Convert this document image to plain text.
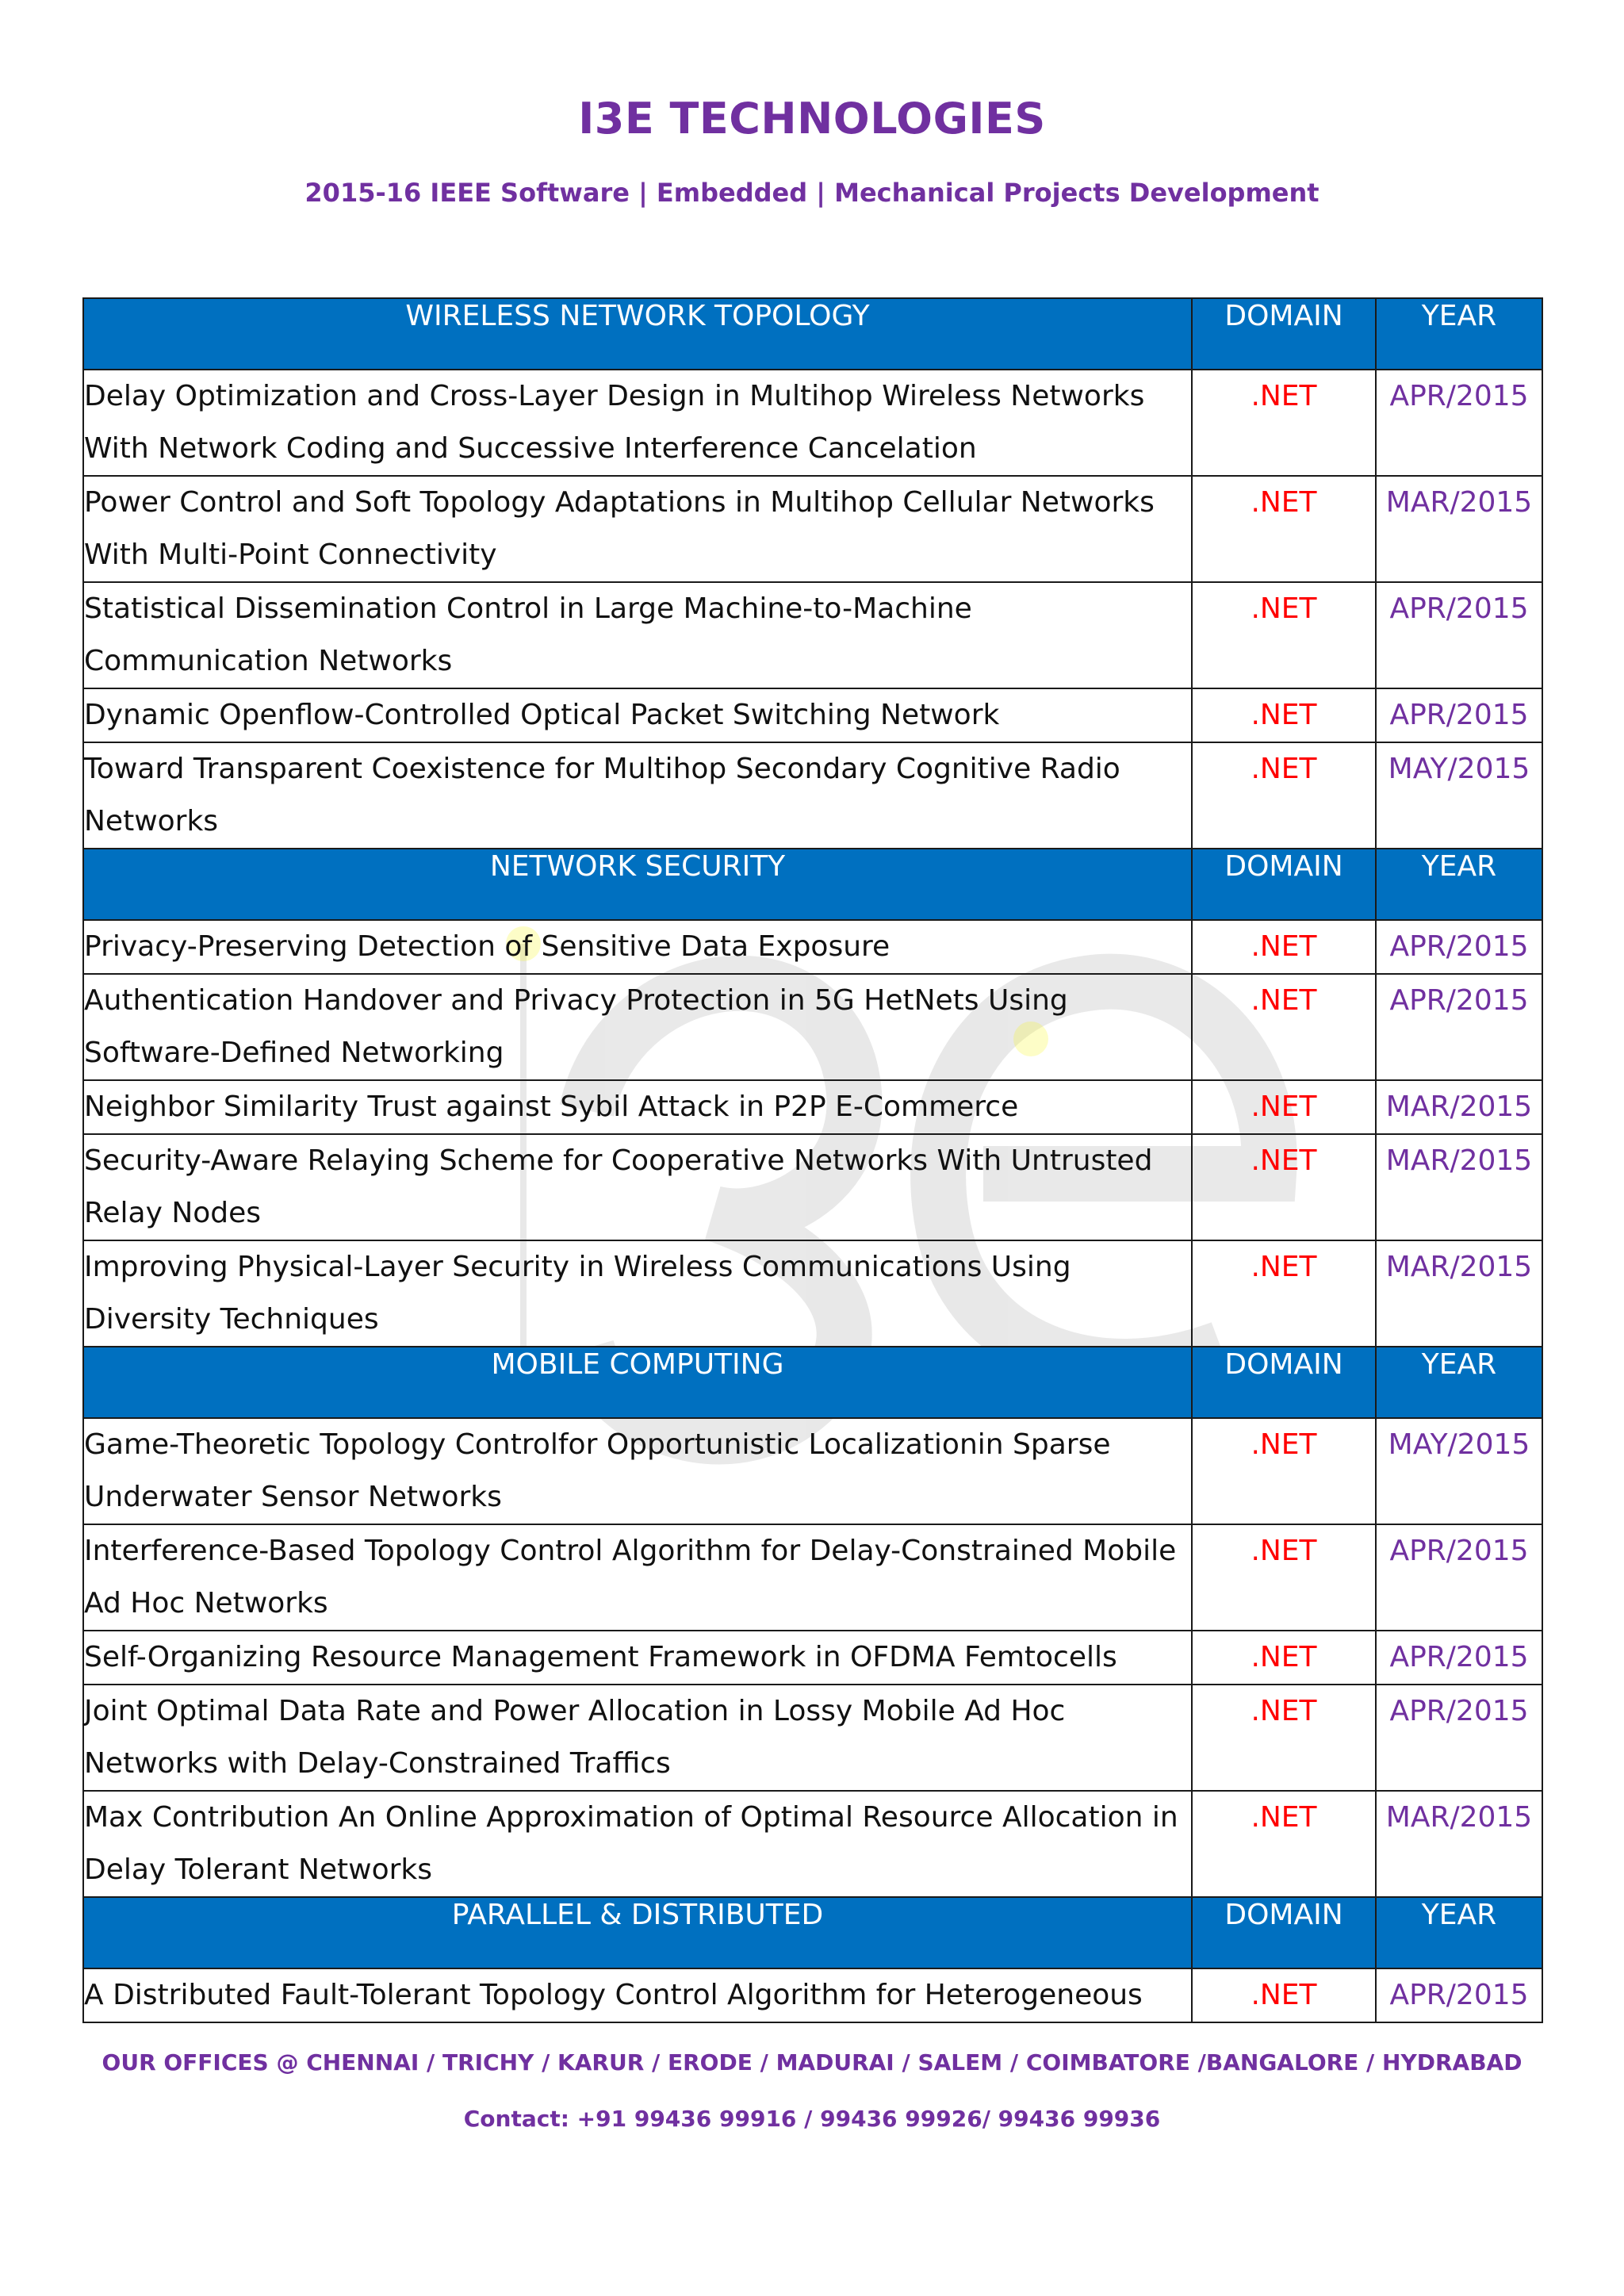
I3E TECHNOLOGIES
2015-16 IEEE Software | Embedded | Mechanical Projects Development
WIRELESS NETWORK TOPOLOGY	DOMAIN	YEAR
Delay Optimization and Cross-Layer Design in Multihop Wireless Networks With Network Coding and Successive Interference Cancelation	.NET	APR/2015
Power Control and Soft Topology Adaptations in Multihop Cellular Networks With Multi-Point Connectivity	.NET	MAR/2015
Statistical Dissemination Control in Large Machine-to-Machine Communication Networks	.NET	APR/2015
Dynamic Openflow-Controlled Optical Packet Switching Network	.NET	APR/2015
Toward Transparent Coexistence for Multihop Secondary Cognitive Radio Networks	.NET	MAY/2015
NETWORK SECURITY	DOMAIN	YEAR
Privacy-Preserving Detection of Sensitive Data Exposure	.NET	APR/2015
Authentication Handover and Privacy Protection in 5G HetNets Using Software-Defined Networking	.NET	APR/2015
Neighbor Similarity Trust against Sybil Attack in P2P E-Commerce	.NET	MAR/2015
Security-Aware Relaying Scheme for Cooperative Networks With Untrusted Relay Nodes	.NET	MAR/2015
Improving Physical-Layer Security in Wireless Communications Using Diversity Techniques	.NET	MAR/2015
MOBILE COMPUTING	DOMAIN	YEAR
Game-Theoretic Topology Controlfor Opportunistic Localizationin Sparse Underwater Sensor Networks	.NET	MAY/2015
Interference-Based Topology Control Algorithm for Delay-Constrained Mobile Ad Hoc Networks	.NET	APR/2015
Self-Organizing Resource Management Framework in OFDMA Femtocells	.NET	APR/2015
Joint Optimal Data Rate and Power Allocation in Lossy Mobile Ad Hoc Networks with Delay-Constrained Traffics	.NET	APR/2015
Max Contribution An Online Approximation of Optimal Resource Allocation in Delay Tolerant Networks	.NET	MAR/2015
PARALLEL & DISTRIBUTED	DOMAIN	YEAR
A Distributed Fault-Tolerant Topology Control Algorithm for Heterogeneous	.NET	APR/2015
OUR OFFICES @ CHENNAI / TRICHY / KARUR / ERODE / MADURAI / SALEM / COIMBATORE /BANGALORE / HYDRABAD
Contact: +91 99436 99916 / 99436 99926/ 99436 99936
